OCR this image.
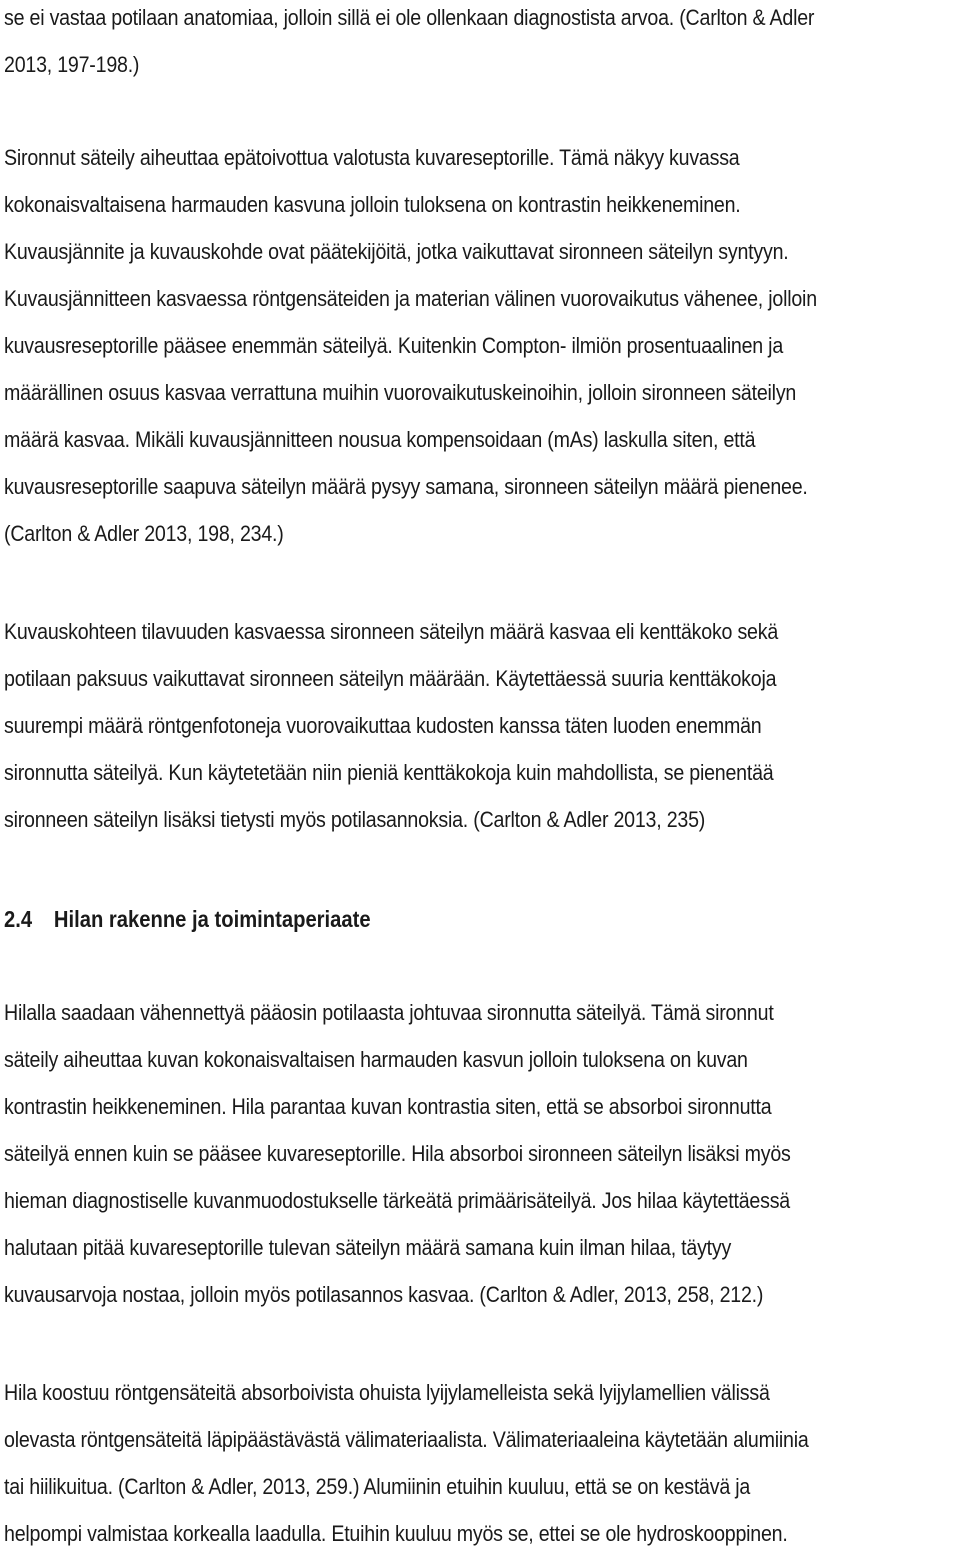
se ei vastaa potilaan anatomiaa, jolloin sillä ei ole ollenkaan diagnostista arvoa. (Carlton & Adler
2013, 197-198.)
Sironnut säteily aiheuttaa epätoivottua valotusta kuvareseptorille. Tämä näkyy kuvassa
kokonaisvaltaisena harmauden kasvuna jolloin tuloksena on kontrastin heikkeneminen.
Kuvausjännite ja kuvauskohde ovat päätekijöitä, jotka vaikuttavat sironneen säteilyn syntyyn.
Kuvausjännitteen kasvaessa röntgensäteiden ja materian välinen vuorovaikutus vähenee, jolloin
kuvausreseptorille pääsee enemmän säteilyä. Kuitenkin Compton- ilmiön prosentuaalinen ja
määrällinen osuus kasvaa verrattuna muihin vuorovaikutuskeinoihin, jolloin sironneen säteilyn
määrä kasvaa. Mikäli kuvausjännitteen nousua kompensoidaan (mAs) laskulla siten, että
kuvausreseptorille saapuva säteilyn määrä pysyy samana, sironneen säteilyn määrä pienenee.
(Carlton & Adler 2013, 198, 234.)
Kuvauskohteen tilavuuden kasvaessa sironneen säteilyn määrä kasvaa eli kenttäkoko sekä
potilaan paksuus vaikuttavat sironneen säteilyn määrään. Käytettäessä suuria kenttäkokoja
suurempi määrä röntgenfotoneja vuorovaikuttaa kudosten kanssa täten luoden enemmän
sironnutta säteilyä. Kun käytetetään niin pieniä kenttäkokoja kuin mahdollista, se pienentää
sironneen säteilyn lisäksi tietysti myös potilasannoksia. (Carlton & Adler 2013, 235)
2.4 Hilan rakenne ja toimintaperiaate
Hilalla saadaan vähennettyä pääosin potilaasta johtuvaa sironnutta säteilyä. Tämä sironnut
säteily aiheuttaa kuvan kokonaisvaltaisen harmauden kasvun jolloin tuloksena on kuvan
kontrastin heikkeneminen. Hila parantaa kuvan kontrastia siten, että se absorboi sironnutta
säteilyä ennen kuin se pääsee kuvareseptorille. Hila absorboi sironneen säteilyn lisäksi myös
hieman diagnostiselle kuvanmuodostukselle tärkeätä primäärisäteilyä. Jos hilaa käytettäessä
halutaan pitää kuvareseptorille tulevan säteilyn määrä samana kuin ilman hilaa, täytyy
kuvausarvoja nostaa, jolloin myös potilasannos kasvaa. (Carlton & Adler, 2013, 258, 212.)
Hila koostuu röntgensäteitä absorboivista ohuista lyijylamelleista sekä lyijylamellien välissä
olevasta röntgensäteitä läpipäästävästä välimateriaalista. Välimateriaaleina käytetään alumiinia
tai hiilikuitua. (Carlton & Adler, 2013, 259.) Alumiinin etuihin kuuluu, että se on kestävä ja
helpompi valmistaa korkealla laadulla. Etuihin kuuluu myös se, ettei se ole hydroskooppinen.
